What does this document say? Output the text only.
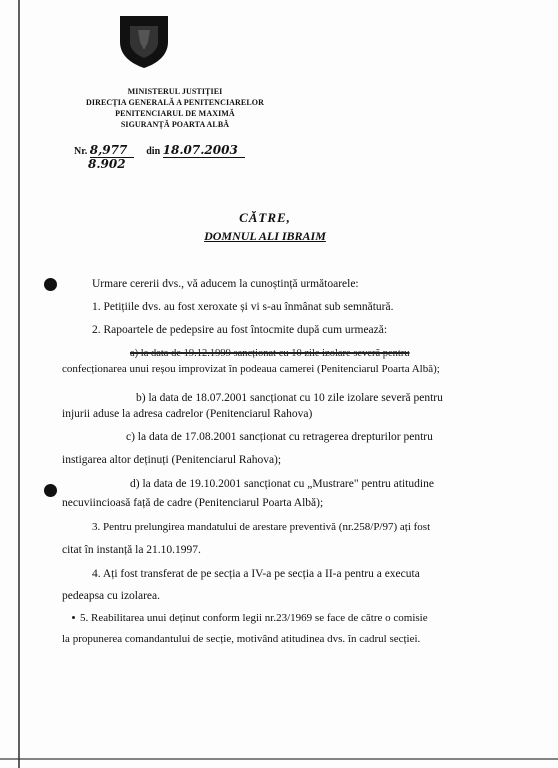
MINISTERUL JUSTIȚIEI
DIRECȚIA GENERALĂ A PENITENCIARELOR
PENITENCIARUL DE MAXIMĂ
SIGURANȚĂ POARTA ALBĂ
Nr. 8,977 din 18.07.2003
8.902
CĂTRE,
DOMNUL ALI IBRAIM
Urmare cererii dvs., vă aducem la cunoștință următoarele:
1. Petițiile dvs. au fost xeroxate și vi s-au înmânat sub semnătură.
2. Rapoartele de pedepsire au fost întocmite după cum urmează:
a) la data de 19.12.1999 sancționat cu 10 zile izolare severă pentru
confecționarea unui reșou improvizat în podeaua camerei (Penitenciarul Poarta Albă);
b) la data de 18.07.2001 sancționat cu 10 zile izolare severă pentru
injurii aduse la adresa cadrelor (Penitenciarul Rahova)
c) la data de 17.08.2001 sancționat cu retragerea drepturilor pentru
instigarea altor deținuți (Penitenciarul Rahova);
d) la data de 19.10.2001 sancționat cu „Mustrare" pentru atitudine
necuviincioasă față de cadre (Penitenciarul Poarta Albă);
3. Pentru prelungirea mandatului de arestare preventivă (nr.258/P/97) ați fost
citat în instanță la 21.10.1997.
4. Ați fost transferat de pe secția a IV-a pe secția a II-a pentru a executa
pedeapsa cu izolarea.
5. Reabilitarea unui deținut conform legii nr.23/1969 se face de către o comisie
la propunerea comandantului de secție, motivând atitudinea dvs. în cadrul secției.
